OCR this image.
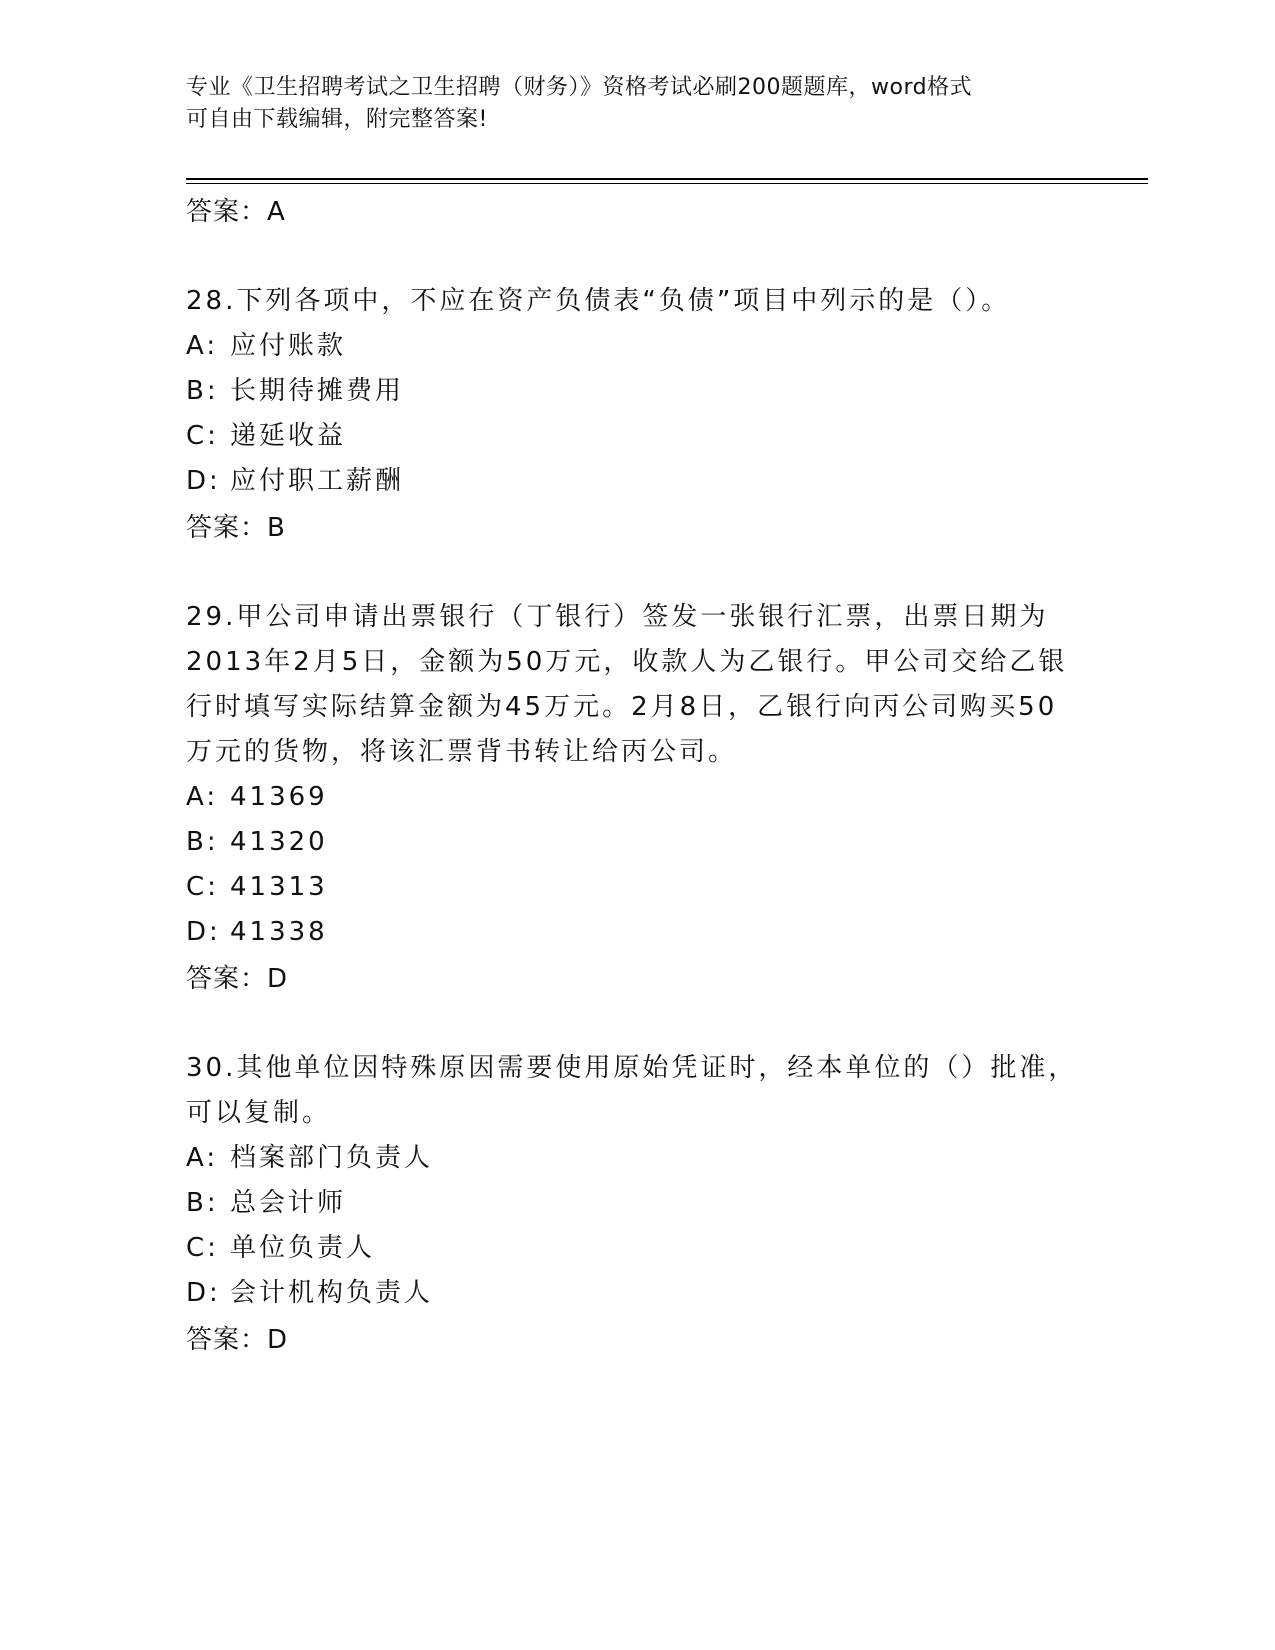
专业《卫生招聘考试之卫生招聘（财务）》资格考试必刷200题题库，word格式
可自由下载编辑，附完整答案!
答案：A

28.下列各项中，不应在资产负债表“负债”项目中列示的是（）。

A: 应付账款
B: 长期待摊费用
C: 递延收益
D: 应付职工薪酬
答案：B

29.甲公司申请出票银行（丁银行）签发一张银行汇票，出票日期为2013年2月5日，金额为50万元，收款人为乙银行。甲公司交给乙银行时填写实际结算金额为45万元。2月8日，乙银行向丙公司购买50万元的货物，将该汇票背书转让给丙公司。

A: 41369
B: 41320
C: 41313
D: 41338
答案：D

30.其他单位因特殊原因需要使用原始凭证时，经本单位的（）批准，可以复制。

A: 档案部门负责人
B: 总会计师
C: 单位负责人
D: 会计机构负责人
答案：D
